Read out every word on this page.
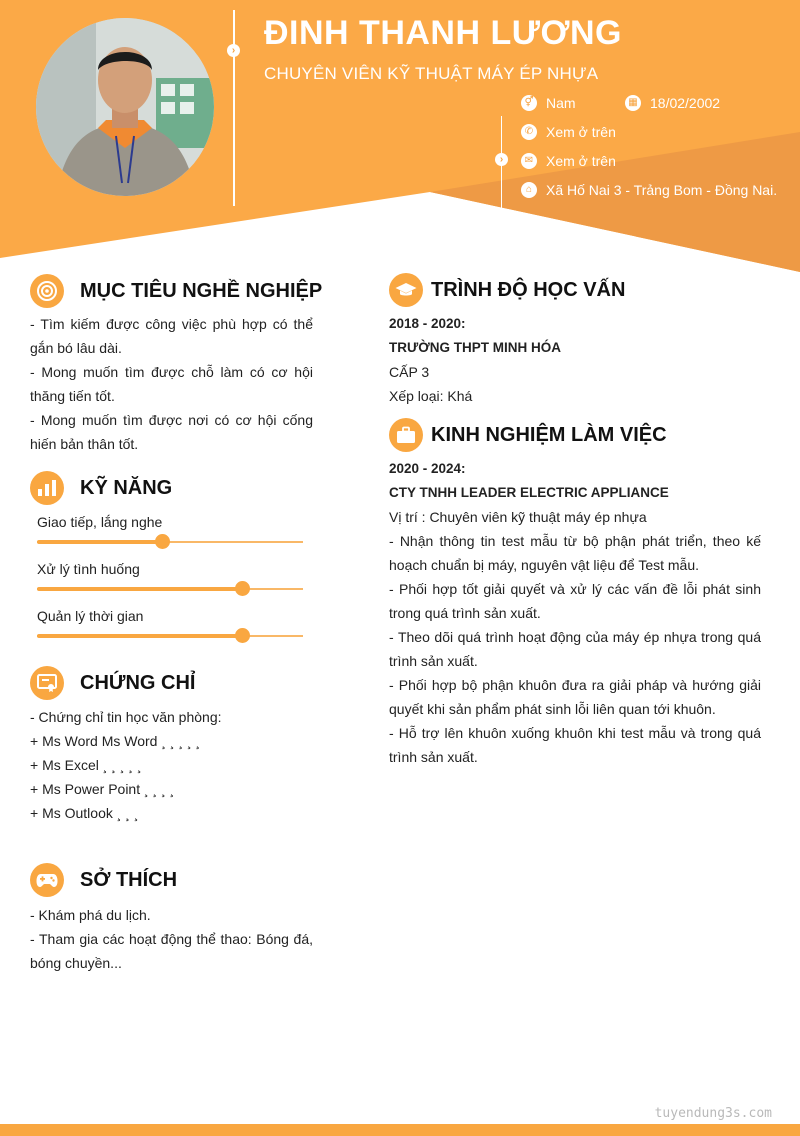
› ĐINH THANH LƯƠNG
CHUYÊN VIÊN KỸ THUẬT MÁY ÉP NHỰA
›
⚥ Nam	▦ 18/02/2002
✆ Xem ở trên
✉ Xem ở trên
⌂ Xã Hố Nai 3 - Trảng Bom - Đồng Nai.
MỤC TIÊU NGHỀ NGHIỆP
- Tìm kiếm được công việc phù hợp có thể gắn bó lâu dài.
- Mong muốn tìm được chỗ làm có cơ hội thăng tiến tốt.
- Mong muốn tìm được nơi có cơ hội cống hiến bản thân tốt.
KỸ NĂNG
Giao tiếp, lắng nghe
Xử lý tình huống
Quản lý thời gian
CHỨNG CHỈ
- Chứng chỉ tin học văn phòng:
+ Ms Word Ms Word ¸ ¸ ¸ ¸ ¸
+ Ms Excel ¸ ¸ ¸ ¸ ¸
+ Ms Power Point ¸ ¸ ¸ ¸
+ Ms Outlook ¸ ¸ ¸
SỞ THÍCH
- Khám phá du lịch.
- Tham gia các hoạt động thể thao: Bóng đá, bóng chuyền...
TRÌNH ĐỘ HỌC VẤN
2018 - 2020:
TRƯỜNG THPT MINH HÓA
CẤP 3
Xếp loại: Khá
KINH NGHIỆM LÀM VIỆC
2020 - 2024:
CTY TNHH LEADER ELECTRIC APPLIANCE
Vị trí : Chuyên viên kỹ thuật máy ép nhựa
- Nhận thông tin test mẫu từ bộ phận phát triển, theo kế hoạch chuẩn bị máy, nguyên vật liệu để Test mẫu.
- Phối hợp tốt giải quyết và xử lý các vấn đề lỗi phát sinh trong quá trình sản xuất.
- Theo dõi quá trình hoạt động của máy ép nhựa trong quá trình sản xuất.
- Phối hợp bộ phận khuôn đưa ra giải pháp và hướng giải quyết khi sản phẩm phát sinh lỗi liên quan tới khuôn.
- Hỗ trợ lên khuôn xuống khuôn khi test mẫu và trong quá trình sản xuất.
tuyendung3s.com
